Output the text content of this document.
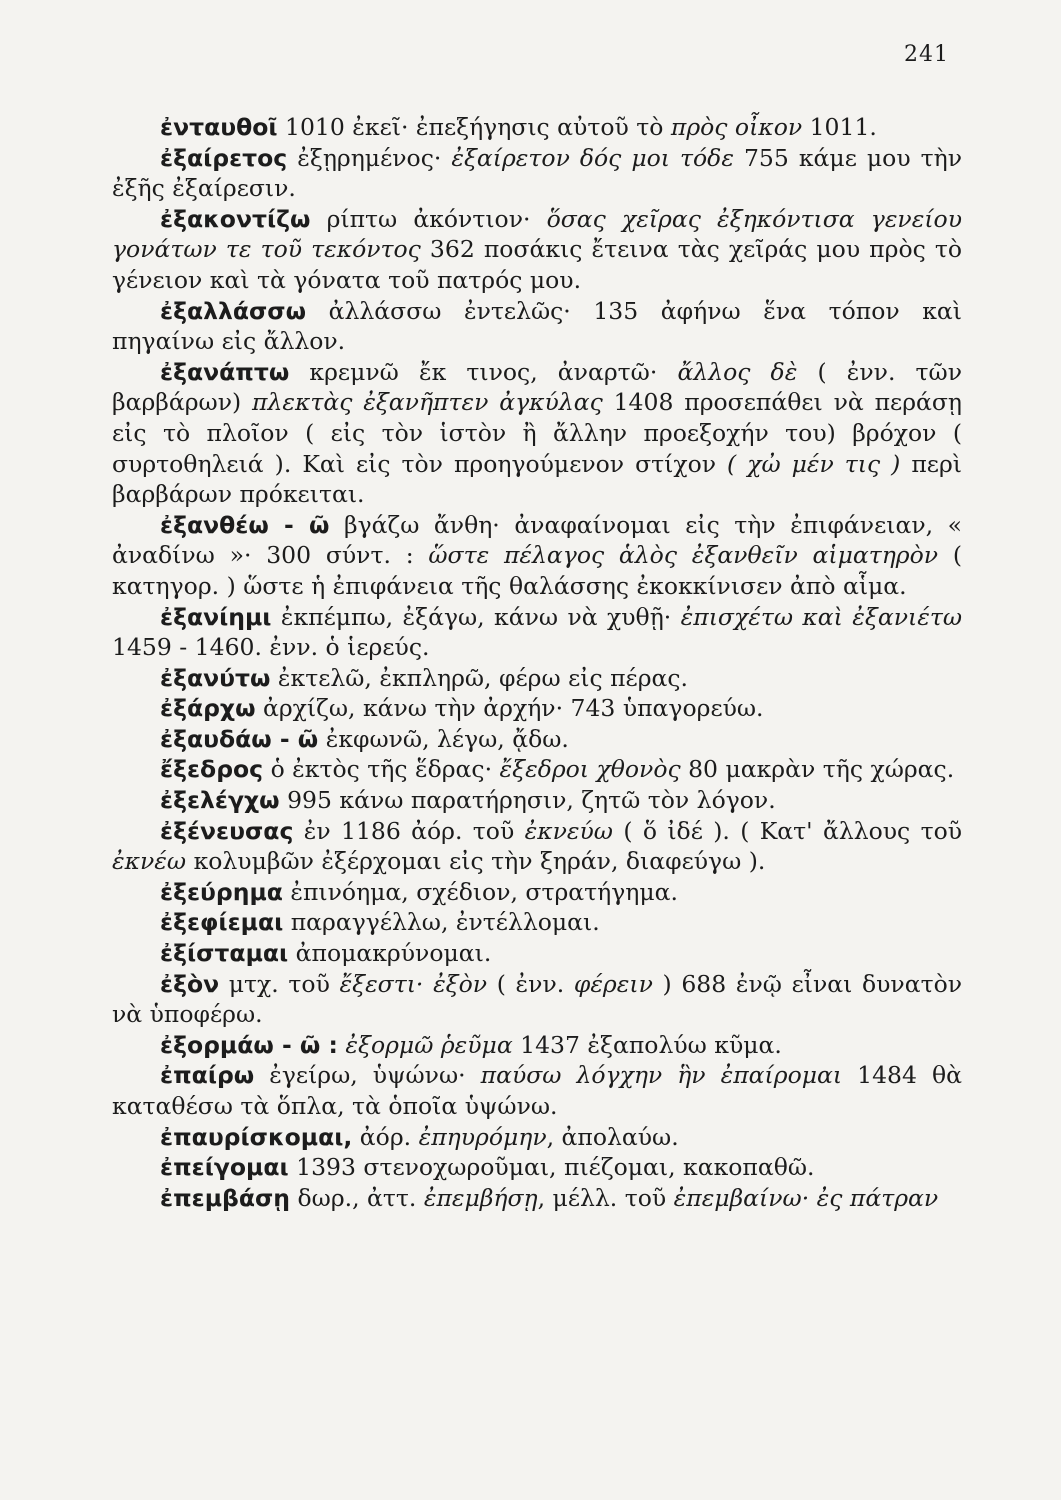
241

ἐνταυθοῖ 1010 ἐκεῖ· ἐπεξήγησις αὐτοῦ τὸ πρὸς οἶκον 1011.

ἐξαίρετος ἐξῃρημένος· ἐξαίρετον δός μοι τόδε 755 κάμε μου τὴν ἐξῆς ἐξαίρεσιν.

ἐξακοντίζω ρίπτω ἀκόντιον· ὅσας χεῖρας ἐξηκόντισα γενείου γονάτων τε τοῦ τεκόντος 362 ποσάκις ἔτεινα τὰς χεῖράς μου πρὸς τὸ γένειον καὶ τὰ γόνατα τοῦ πατρός μου.

ἐξαλλάσσω ἀλλάσσω ἐντελῶς· 135 ἀφήνω ἕνα τόπον καὶ πηγαίνω εἰς ἄλλον.

ἐξανάπτω κρεμνῶ ἔκ τινος, ἀναρτῶ· ἄλλος δὲ ( ἐνν. τῶν βαρβάρων) πλεκτὰς ἐξανῆπτεν ἀγκύλας 1408 προσεπάθει νὰ περάσῃ εἰς τὸ πλοῖον ( εἰς τὸν ἱστὸν ἢ ἄλλην προεξοχήν του) βρόχον ( συρτοθηλειά ). Καὶ εἰς τὸν προηγούμενον στίχον ( χὠ μέν τις ) περὶ βαρβάρων πρόκειται.

ἐξανθέω - ῶ βγάζω ἄνθη· ἀναφαίνομαι εἰς τὴν ἐπιφάνειαν, « ἀναδίνω »· 300 σύντ. : ὥστε πέλαγος ἁλὸς ἐξανθεῖν αἱματηρὸν ( κατηγορ. ) ὥστε ἡ ἐπιφάνεια τῆς θαλάσσης ἐκοκκίνισεν ἀπὸ αἷμα.

ἐξανίημι ἐκπέμπω, ἐξάγω, κάνω νὰ χυθῇ· ἐπισχέτω καὶ ἐξανιέτω 1459 - 1460. ἐνν. ὁ ἱερεύς.

ἐξανύτω ἐκτελῶ, ἐκπληρῶ, φέρω εἰς πέρας.

ἐξάρχω ἀρχίζω, κάνω τὴν ἀρχήν· 743 ὑπαγορεύω.

ἐξαυδάω - ῶ ἐκφωνῶ, λέγω, ᾄδω.

ἔξεδρος ὁ ἐκτὸς τῆς ἕδρας· ἔξεδροι χθονὸς 80 μακρὰν τῆς χώρας.

ἐξελέγχω 995 κάνω παρατήρησιν, ζητῶ τὸν λόγον.

ἐξένευσας ἐν 1186 ἀόρ. τοῦ ἐκνεύω ( ὅ ἰδέ ). ( Κατ' ἄλλους τοῦ ἐκνέω κολυμβῶν ἐξέρχομαι εἰς τὴν ξηράν, διαφεύγω ).

ἐξεύρημα ἐπινόημα, σχέδιον, στρατήγημα.

ἐξεφίεμαι παραγγέλλω, ἐντέλλομαι.

ἐξίσταμαι ἀπομακρύνομαι.

ἐξὸν μτχ. τοῦ ἔξεστι· ἐξὸν ( ἐνν. φέρειν ) 688 ἐνῷ εἶναι δυνατὸν νὰ ὑποφέρω.

ἐξορμάω - ῶ : ἐξορμῶ ῥεῦμα 1437 ἐξαπολύω κῦμα.

ἐπαίρω ἐγείρω, ὑψώνω· παύσω λόγχην ἣν ἐπαίρομαι 1484 θὰ καταθέσω τὰ ὅπλα, τὰ ὁποῖα ὑψώνω.

ἐπαυρίσκομαι, ἀόρ. ἐπηυρόμην, ἀπολαύω.

ἐπείγομαι 1393 στενοχωροῦμαι, πιέζομαι, κακοπαθῶ.

ἐπεμβάσῃ δωρ., ἀττ. ἐπεμβήσῃ, μέλλ. τοῦ ἐπεμβαίνω· ἐς πάτραν
